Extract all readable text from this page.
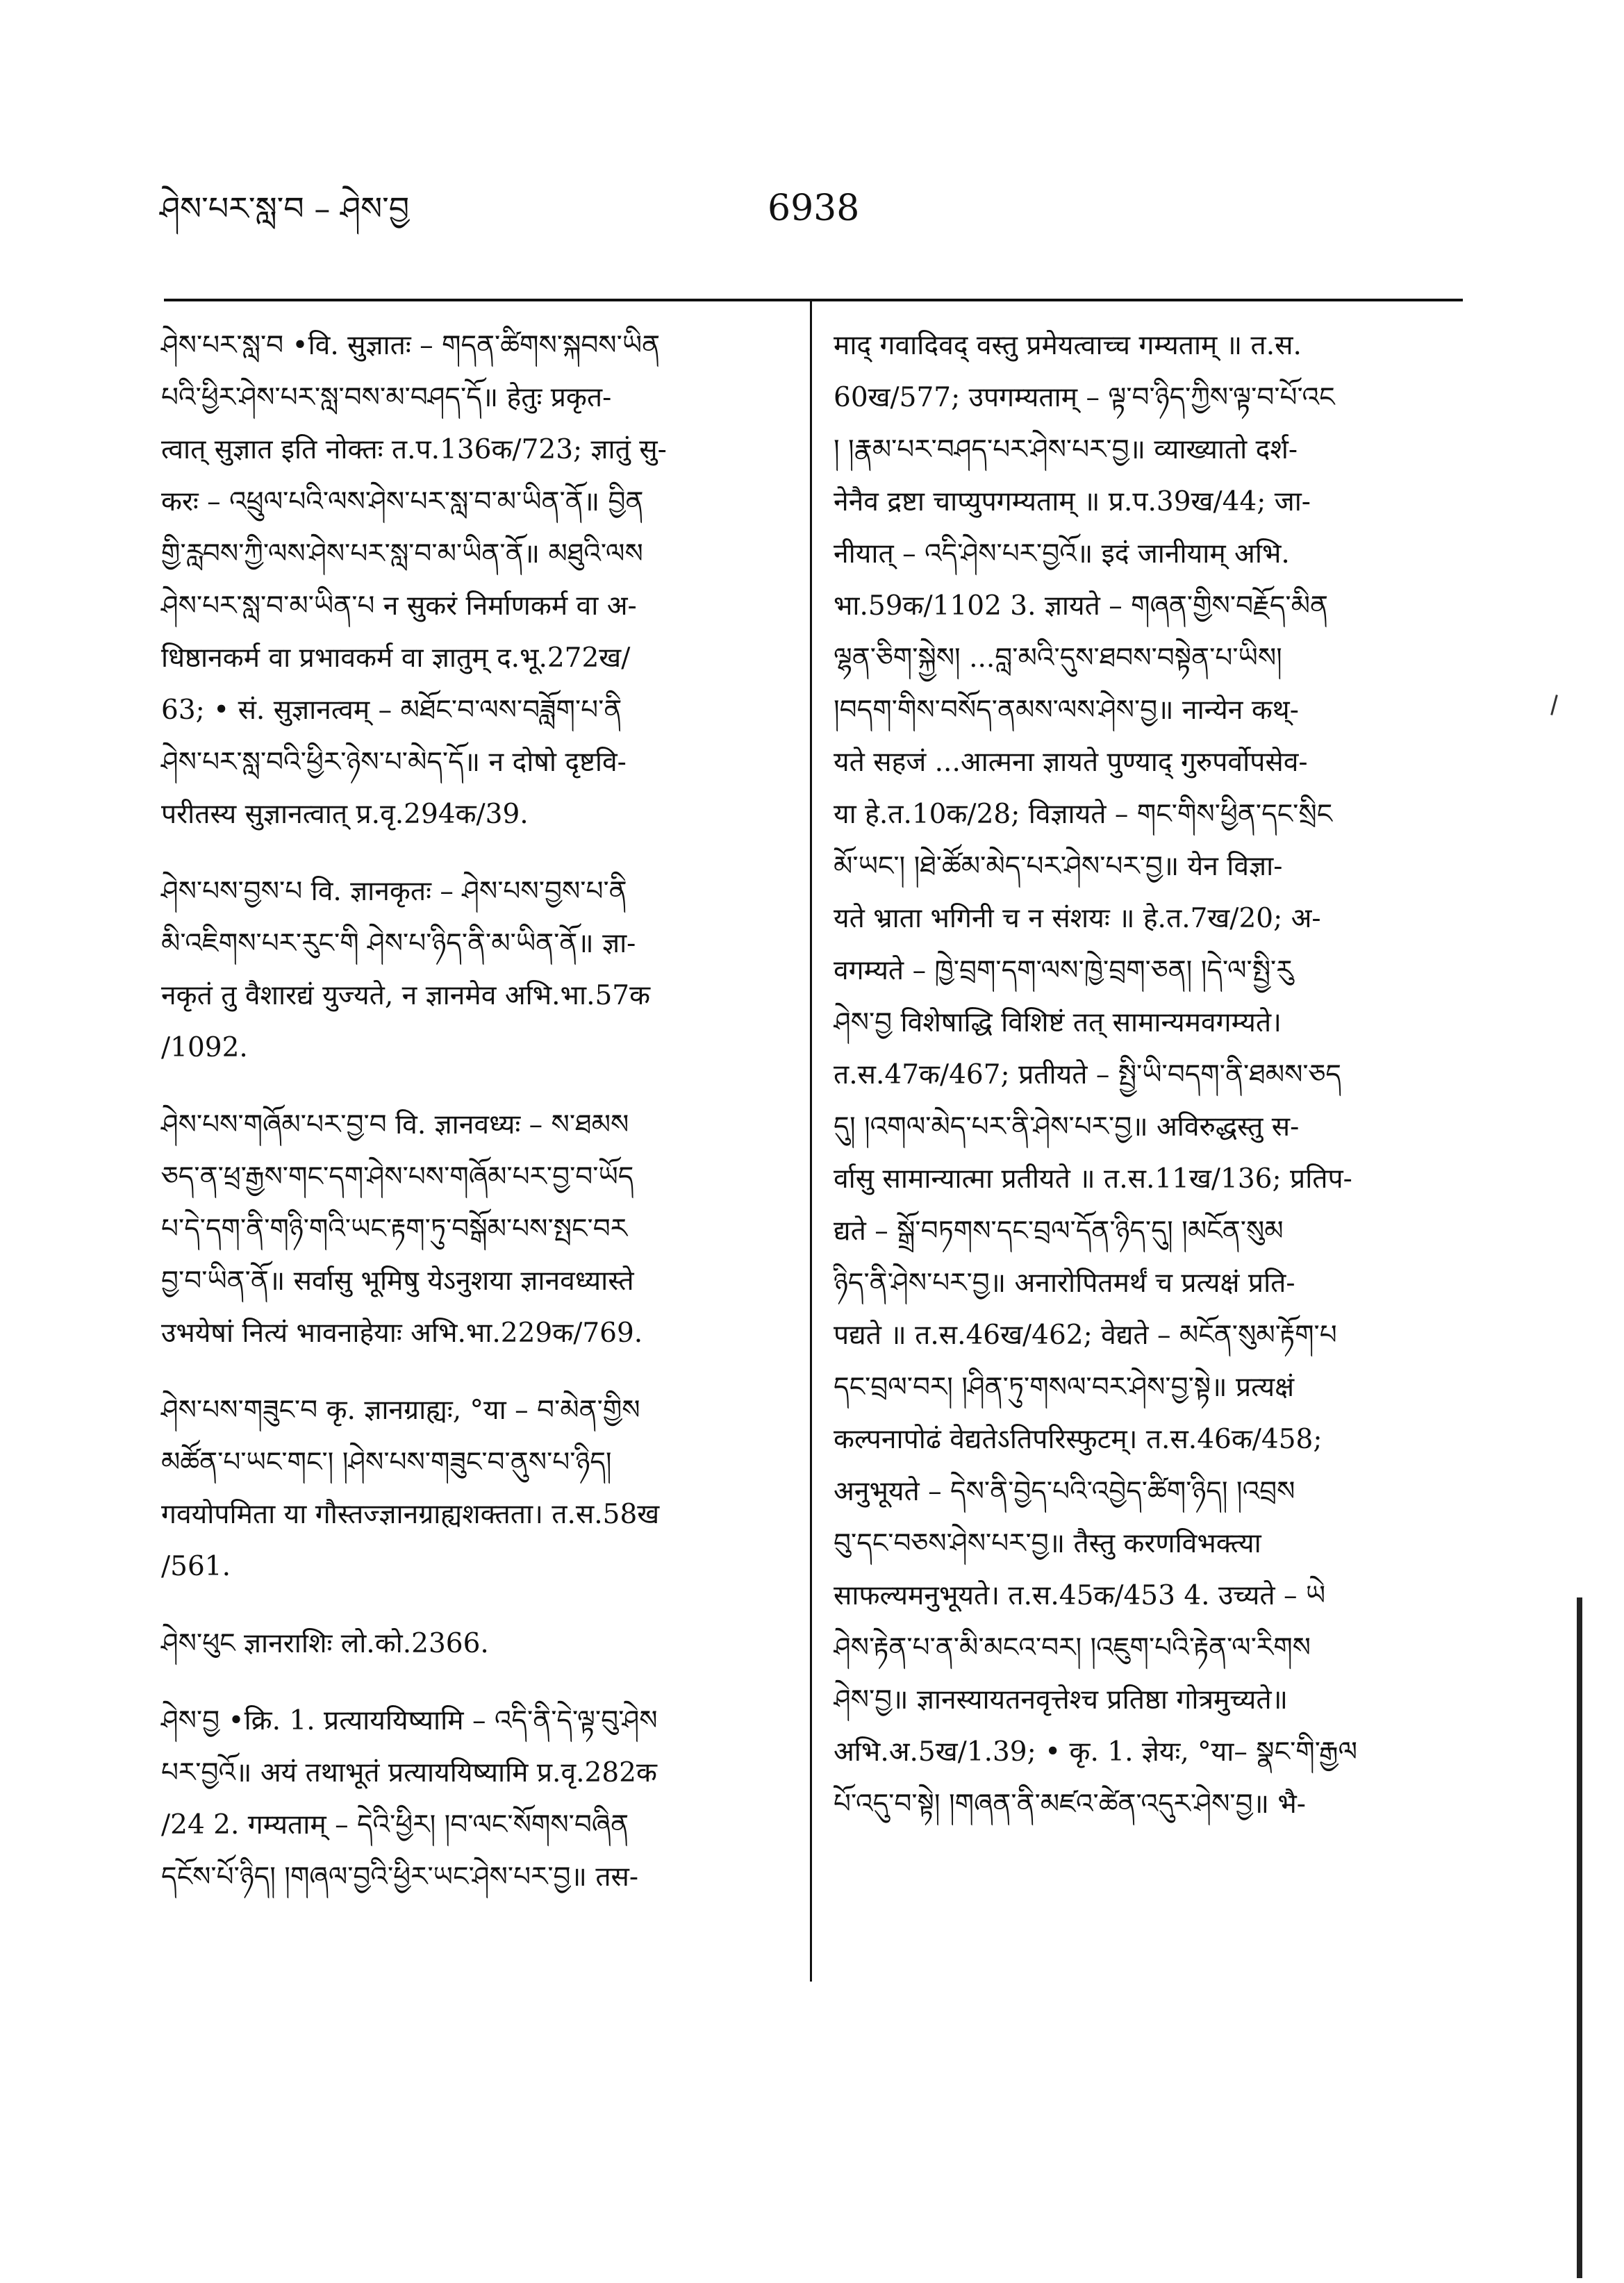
ཤེས་པར་སླ་བ – ཤེས་བྱ	6938
ཤེས་པར་སླ་བ •वि. सुज्ञातः – གདན་ཚིགས་སྐབས་ཡིན
པའི་ཕྱིར་ཤེས་པར་སླ་བས་མ་བཤད་དོ॥ हेतुः प्रकृत-
त्वात् सुज्ञात इति नोक्तः त.प.136क/723; ज्ञातुं सु-
करः – འཕྲུལ་པའི་ལས་ཤེས་པར་སླ་བ་མ་ཡིན་ནོ॥ བྱིན
གྱི་རླབས་ཀྱི་ལས་ཤེས་པར་སླ་བ་མ་ཡིན་ནོ॥ མཐུའི་ལས
ཤེས་པར་སླ་བ་མ་ཡིན་པ न सुकरं निर्माणकर्म वा अ-
धिष्ठानकर्म वा प्रभावकर्म वा ज्ञातुम् द.भू.272ख/
63; • सं. सुज्ञानत्वम् – མཐོང་བ་ལས་བཟློག་པ་ནི
ཤེས་པར་སླ་བའི་ཕྱིར་ཉེས་པ་མེད་དོ॥ न दोषो दृष्टवि-
परीतस्य सुज्ञानत्वात् प्र.वृ.294क/39.
ཤེས་པས་བྱས་པ वि. ज्ञानकृतः – ཤེས་པས་བྱས་པ་ནི
མི་འཇིགས་པར་རུང་གི ཤེས་པ་ཉིད་ནི་མ་ཡིན་ནོ॥ ज्ञा-
नकृतं तु वैशारद्यं युज्यते, न ज्ञानमेव अभि.भा.57क
/1092.
ཤེས་པས་གཞོམ་པར་བྱ་བ वि. ज्ञानवध्यः – ས་ཐམས
ཅད་ན་ཕྲ་རྒྱས་གང་དག་ཤེས་པས་གཞོམ་པར་བྱ་བ་ཡོད
པ་དེ་དག་ནི་གཉི་གའི་ཡང་རྟག་ཏུ་བསྒོམ་པས་སྤང་བར
བྱ་བ་ཡིན་ནོ॥ सर्वासु भूमिषु येऽनुशया ज्ञानवध्यास्ते
उभयेषां नित्यं भावनाहेयाः अभि.भा.229क/769.
ཤེས་པས་གཟུང་བ कृ. ज्ञानग्राह्यः, °या – བ་མེན་གྱིས
མཚོན་པ་ཡང་གང་། །ཤེས་པས་གཟུང་བ་ནུས་པ་ཉིད།
गवयोपमिता या गौस्तज्ज्ञानग्राह्यशक्तता। त.स.58ख
/561.
ཤེས་ཕུང ज्ञानराशिः लो.को.2366.
ཤེས་བྱ •क्रि. 1. प्रत्याययिष्यामि – འདི་ནི་དེ་ལྟ་བུ་ཤེས
པར་བྱའོ॥ अयं तथाभूतं प्रत्याययिष्यामि प्र.वृ.282क
/24 2. गम्यताम् – དེའི་ཕྱིར། །བ་ལང་སོགས་བཞིན
དངོས་པོ་ཉིད། །གཞལ་བྱའི་ཕྱིར་ཡང་ཤེས་པར་བྱ॥ तस-
माद् गवादिवद् वस्तु प्रमेयत्वाच्च गम्यताम् ॥ त.स.
60ख/577; उपगम्यताम् – ལྟ་བ་ཉིད་ཀྱིས་ལྟ་བ་པོ་འང
། །རྣམ་པར་བཤད་པར་ཤེས་པར་བྱ॥ व्याख्यातो दर्श-
नेनैव द्रष्टा चाप्युपगम्यताम् ॥ प्र.प.39ख/44; जा-
नीयात् – འདི་ཤེས་པར་བྱའོ॥ इदं जानीयाम् अभि.
भा.59क/1102 3. ज्ञायते – གཞན་གྱིས་བརྗོད་མིན
ལྷན་ཅིག་སྐྱེས། ...བླ་མའི་དུས་ཐབས་བསྟེན་པ་ཡིས།
།བདག་གིས་བསོད་ནམས་ལས་ཤེས་བྱ॥ नान्येन कथ्-
यते सहजं ...आत्मना ज्ञायते पुण्याद् गुरुपर्वोपसेव-
या हे.त.10क/28; विज्ञायते – གང་གིས་ཕྱིན་དང་སྲིང
མོ་ཡང་། །ཐེ་ཚོམ་མེད་པར་ཤེས་པར་བྱ॥ येन विज्ञा-
यते भ्राता भगिनी च न संशयः ॥ हे.त.7ख/20; अ-
वगम्यते – ཁྱེ་བྲག་དག་ལས་ཁྱེ་བྲག་ཅན། །དེ་ལ་སྤྱི་རུ
ཤེས་བྱ विशेषाद्धि विशिष्टं तत् सामान्यमवगम्यते।
त.स.47क/467; प्रतीयते – སྤྱི་ཡི་བདག་ནི་ཐམས་ཅད
དུ། །འགལ་མེད་པར་ནི་ཤེས་པར་བྱ॥ अविरुद्धस्तु स-
र्वासु सामान्यात्मा प्रतीयते ॥ त.स.11ख/136; प्रतिप-
द्यते – སྒྲོ་བཏགས་དང་བྲལ་དོན་ཉིད་དུ། །མངོན་སུམ
ཉིད་ནི་ཤེས་པར་བྱ॥ अनारोपितमर्थं च प्रत्यक्षं प्रति-
पद्यते ॥ त.स.46ख/462; वेद्यते – མངོན་སུམ་རྟོག་པ
དང་བྲལ་བར། །ཤིན་ཏུ་གསལ་བར་ཤེས་བྱ་སྟེ॥ प्रत्यक्षं
कल्पनापोढं वेद्यतेऽतिपरिस्फुटम्। त.स.46क/458;
अनुभूयते – དེས་ནི་བྱེད་པའི་འབྱེད་ཚིག་ཉིད། །འབྲས
བུ་དང་བཅས་ཤེས་པར་བྱ॥ तैस्तु करणविभक्त्या
साफल्यमनुभूयते। त.स.45क/453 4. उच्यते – ཡེ
ཤེས་རྟེན་པ་ན་མི་མངའ་བར། །འཇུག་པའི་རྟེན་ལ་རིགས
ཤེས་བྱ॥ ज्ञानस्यायतनवृत्तेश्च प्रतिष्ठा गोत्रमुच्यते॥
अभि.अ.5ख/1.39; • कृ. 1. ज्ञेयः, °या– སྣང་གི་རྒྱལ
པོ་འདུ་བ་སྟེ། །གཞན་ནི་མཛའ་ཚེན་འདུར་ཤེས་བྱ॥ भै-
